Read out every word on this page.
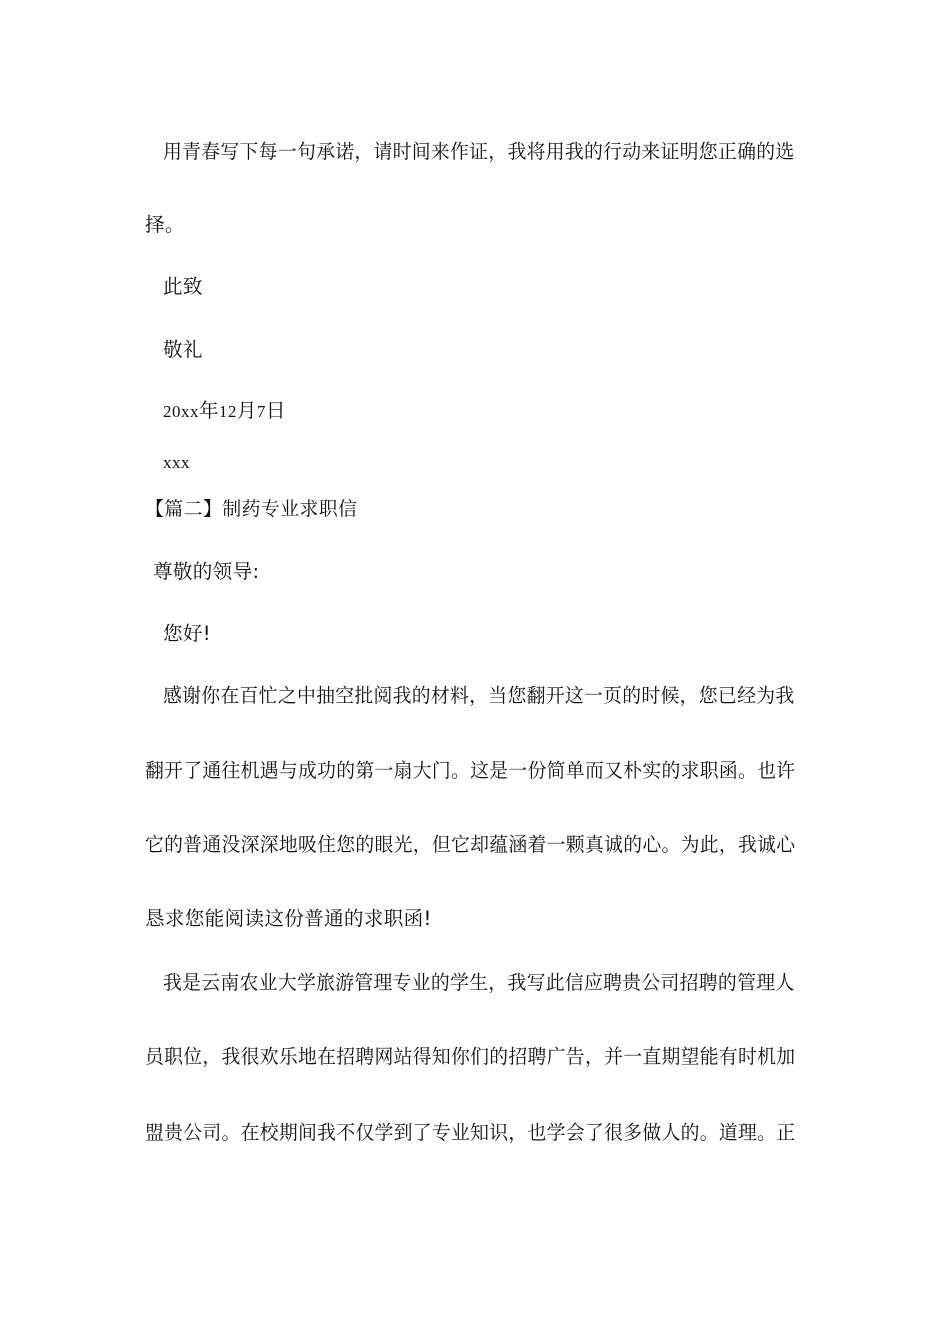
用青春写下每一句承诺，请时间来作证，我将用我的行动来证明您正确的选
择。
此致
敬礼
20xx年12月7日
xxx
【篇二】制药专业求职信
尊敬的领导:
您好!
感谢你在百忙之中抽空批阅我的材料，当您翻开这一页的时候，您已经为我
翻开了通往机遇与成功的第一扇大门。这是一份简单而又朴实的求职函。也许
它的普通没深深地吸住您的眼光，但它却蕴涵着一颗真诚的心。为此，我诚心
恳求您能阅读这份普通的求职函!
我是云南农业大学旅游管理专业的学生，我写此信应聘贵公司招聘的管理人
员职位，我很欢乐地在招聘网站得知你们的招聘广告，并一直期望能有时机加
盟贵公司。在校期间我不仅学到了专业知识，也学会了很多做人的。道理。正
